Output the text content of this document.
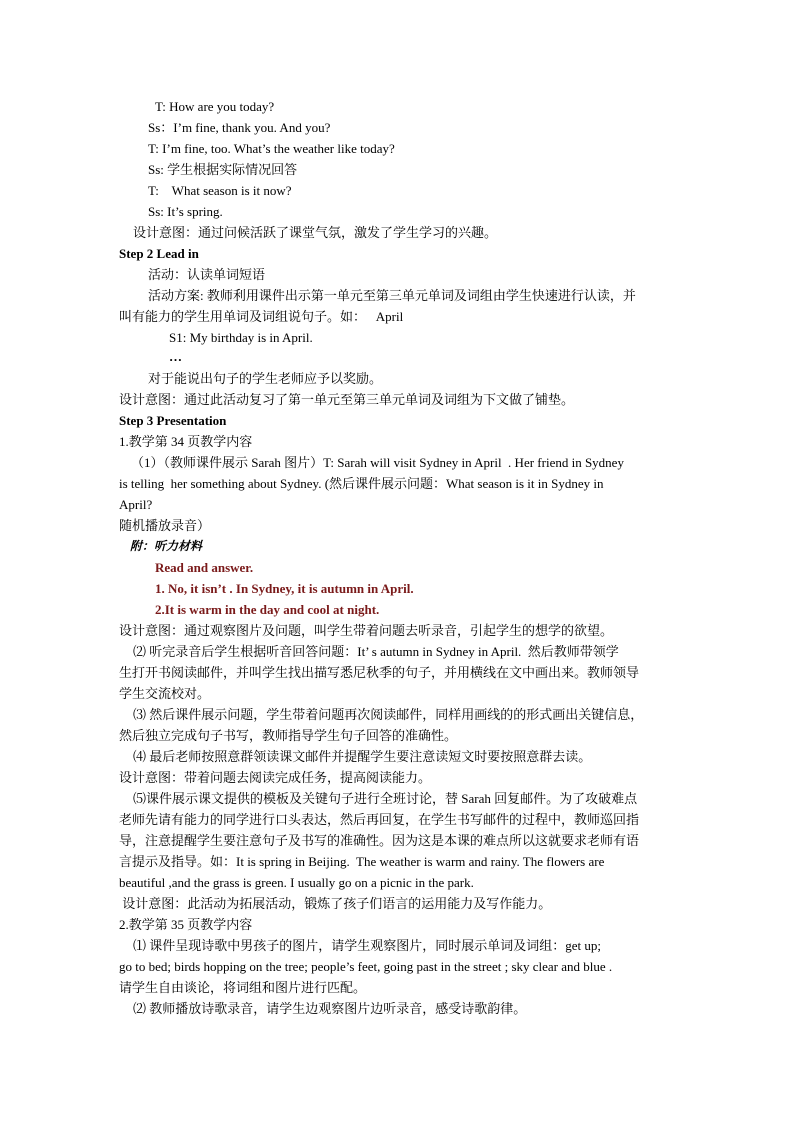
T: How are you today?
Ss：I’m fine, thank you. And you?
T: I’m fine, too. What’s the weather like today?
Ss: 学生根据实际情况回答
T:    What season is it now?
Ss: It’s spring.
设计意图：通过问候活跃了课堂气氛，激发了学生学习的兴趣。
Step 2 Lead in
活动：认读单词短语
活动方案: 教师利用课件出示第一单元至第三单元单词及词组由学生快速进行认读，并
叫有能力的学生用单词及词组说句子。如：   April
S1: My birthday is in April.
…
对于能说出句子的学生老师应予以奖励。
设计意图：通过此活动复习了第一单元至第三单元单词及词组为下文做了铺垫。
Step 3 Presentation
1.教学第 34 页教学内容
（1）（教师课件展示 Sarah 图片）T: Sarah will visit Sydney in April  . Her friend in Sydney
is telling  her something about Sydney. (然后课件展示问题：What season is it in Sydney in
April?
随机播放录音）
附：听力材料
Read and answer.
1. No, it isn’t . In Sydney, it is autumn in April.
2.It is warm in the day and cool at night.
设计意图：通过观察图片及问题，叫学生带着问题去听录音，引起学生的想学的欲望。
⑵ 听完录音后学生根据听音回答问题：It’ s autumn in Sydney in April.  然后教师带领学
生打开书阅读邮件，并叫学生找出描写悉尼秋季的句子，并用横线在文中画出来。教师领导
学生交流校对。
⑶ 然后课件展示问题，学生带着问题再次阅读邮件，同样用画线的的形式画出关键信息，
然后独立完成句子书写，教师指导学生句子回答的准确性。
⑷ 最后老师按照意群领读课文邮件并提醒学生要注意读短文时要按照意群去读。
设计意图：带着问题去阅读完成任务，提高阅读能力。
⑸课件展示课文提供的模板及关键句子进行全班讨论，替 Sarah 回复邮件。为了攻破难点
老师先请有能力的同学进行口头表达，然后再回复，在学生书写邮件的过程中，教师巡回指
导，注意提醒学生要注意句子及书写的准确性。因为这是本课的难点所以这就要求老师有语
言提示及指导。如：It is spring in Beijing.  The weather is warm and rainy. The flowers are
beautiful ,and the grass is green. I usually go on a picnic in the park.
设计意图：此活动为拓展活动，锻炼了孩子们语言的运用能力及写作能力。
2.教学第 35 页教学内容
⑴ 课件呈现诗歌中男孩子的图片，请学生观察图片，同时展示单词及词组：get up;
go to bed; birds hopping on the tree; people’s feet, going past in the street ; sky clear and blue .
请学生自由谈论，将词组和图片进行匹配。
⑵ 教师播放诗歌录音，请学生边观察图片边听录音，感受诗歌韵律。
